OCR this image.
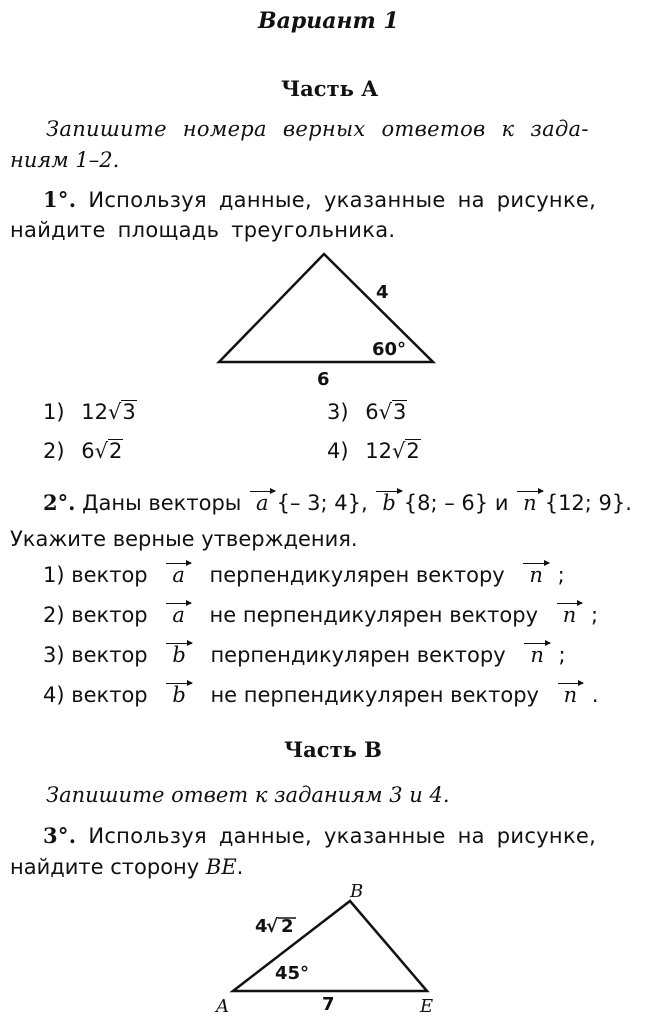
Вариант 1
Часть А
Запишите номера верных ответов к зада-
ниям 1–2.
1°. Используя данные, указанные на рисунке,
найдите площадь треугольника.
4
60°
6
1) 12√3	3) 6√3
2) 6√2	4) 12√2
2°. Даны векторы a {– 3; 4}, b {8; – 6} и n {12; 9}.
Укажите верные утверждения.
1) вектор a перпендикулярен вектору n ;
2) вектор a не перпендикулярен вектору n ;
3) вектор b перпендикулярен вектору n ;
4) вектор b не перпендикулярен вектору n .
Часть В
Запишите ответ к заданиям 3 и 4.
3°. Используя данные, указанные на рисунке,
найдите сторону BE.
4
√ 2
45°
7
A
B
E
